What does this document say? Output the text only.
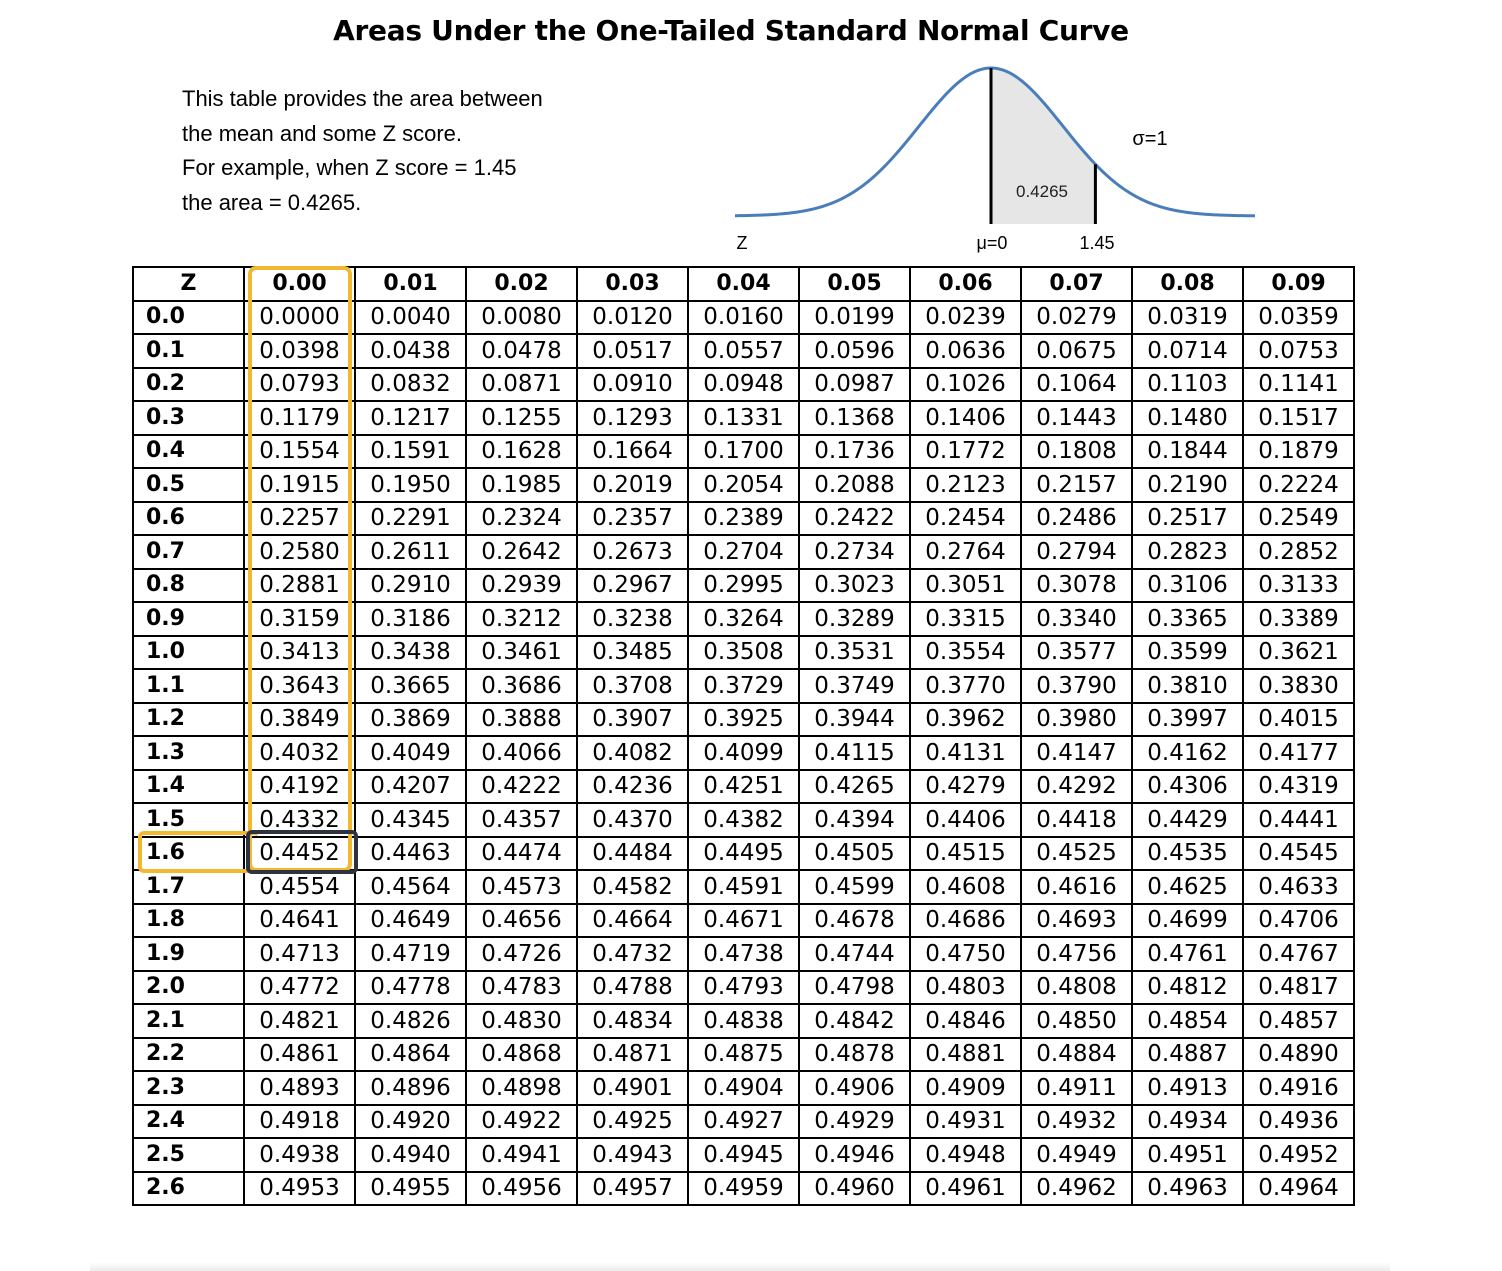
Areas Under the One-Tailed Standard Normal Curve
This table provides the area between
the mean and some Z score.
For example, when Z score = 1.45
the area = 0.4265.	0.4265
σ=1
Z	μ=0	1.45
Z	0.00	0.01	0.02	0.03	0.04	0.05	0.06	0.07	0.08	0.09
0.0	0.0000	0.0040	0.0080	0.0120	0.0160	0.0199	0.0239	0.0279	0.0319	0.0359
0.1	0.0398	0.0438	0.0478	0.0517	0.0557	0.0596	0.0636	0.0675	0.0714	0.0753
0.2	0.0793	0.0832	0.0871	0.0910	0.0948	0.0987	0.1026	0.1064	0.1103	0.1141
0.3	0.1179	0.1217	0.1255	0.1293	0.1331	0.1368	0.1406	0.1443	0.1480	0.1517
0.4	0.1554	0.1591	0.1628	0.1664	0.1700	0.1736	0.1772	0.1808	0.1844	0.1879
0.5	0.1915	0.1950	0.1985	0.2019	0.2054	0.2088	0.2123	0.2157	0.2190	0.2224
0.6	0.2257	0.2291	0.2324	0.2357	0.2389	0.2422	0.2454	0.2486	0.2517	0.2549
0.7	0.2580	0.2611	0.2642	0.2673	0.2704	0.2734	0.2764	0.2794	0.2823	0.2852
0.8	0.2881	0.2910	0.2939	0.2967	0.2995	0.3023	0.3051	0.3078	0.3106	0.3133
0.9	0.3159	0.3186	0.3212	0.3238	0.3264	0.3289	0.3315	0.3340	0.3365	0.3389
1.0	0.3413	0.3438	0.3461	0.3485	0.3508	0.3531	0.3554	0.3577	0.3599	0.3621
1.1	0.3643	0.3665	0.3686	0.3708	0.3729	0.3749	0.3770	0.3790	0.3810	0.3830
1.2	0.3849	0.3869	0.3888	0.3907	0.3925	0.3944	0.3962	0.3980	0.3997	0.4015
1.3	0.4032	0.4049	0.4066	0.4082	0.4099	0.4115	0.4131	0.4147	0.4162	0.4177
1.4	0.4192	0.4207	0.4222	0.4236	0.4251	0.4265	0.4279	0.4292	0.4306	0.4319
1.5	0.4332	0.4345	0.4357	0.4370	0.4382	0.4394	0.4406	0.4418	0.4429	0.4441
1.6	0.4452	0.4463	0.4474	0.4484	0.4495	0.4505	0.4515	0.4525	0.4535	0.4545
1.7	0.4554	0.4564	0.4573	0.4582	0.4591	0.4599	0.4608	0.4616	0.4625	0.4633
1.8	0.4641	0.4649	0.4656	0.4664	0.4671	0.4678	0.4686	0.4693	0.4699	0.4706
1.9	0.4713	0.4719	0.4726	0.4732	0.4738	0.4744	0.4750	0.4756	0.4761	0.4767
2.0	0.4772	0.4778	0.4783	0.4788	0.4793	0.4798	0.4803	0.4808	0.4812	0.4817
2.1	0.4821	0.4826	0.4830	0.4834	0.4838	0.4842	0.4846	0.4850	0.4854	0.4857
2.2	0.4861	0.4864	0.4868	0.4871	0.4875	0.4878	0.4881	0.4884	0.4887	0.4890
2.3	0.4893	0.4896	0.4898	0.4901	0.4904	0.4906	0.4909	0.4911	0.4913	0.4916
2.4	0.4918	0.4920	0.4922	0.4925	0.4927	0.4929	0.4931	0.4932	0.4934	0.4936
2.5	0.4938	0.4940	0.4941	0.4943	0.4945	0.4946	0.4948	0.4949	0.4951	0.4952
2.6	0.4953	0.4955	0.4956	0.4957	0.4959	0.4960	0.4961	0.4962	0.4963	0.4964
